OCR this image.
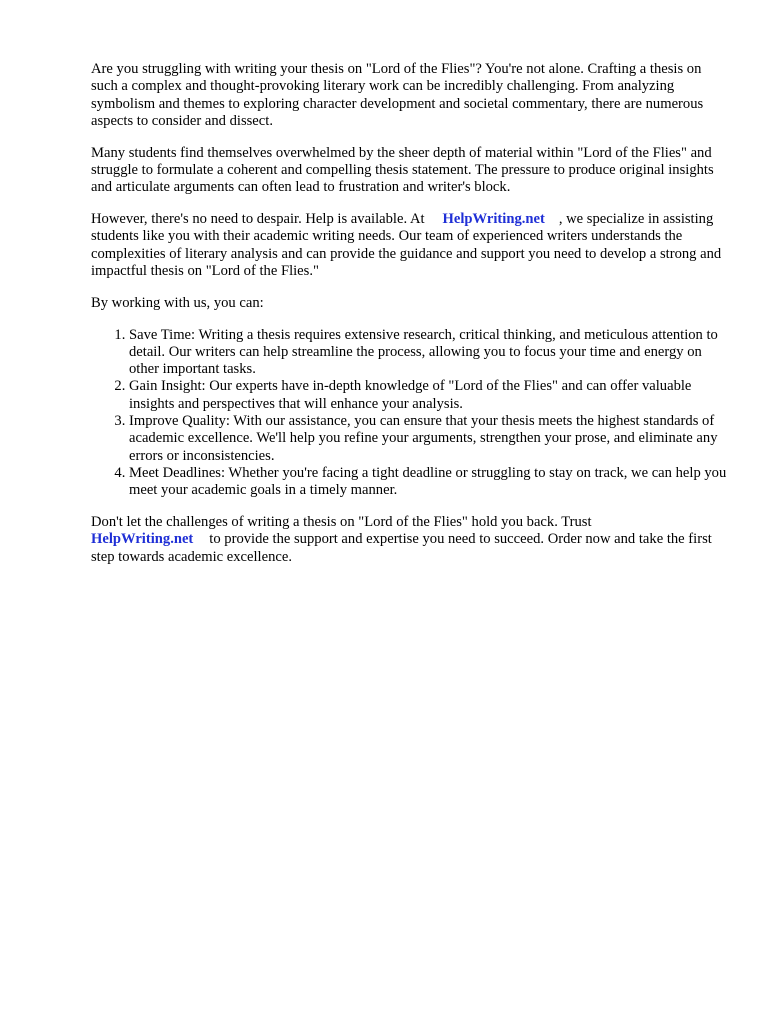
Are you struggling with writing your thesis on "Lord of the Flies"? You're not alone. Crafting a thesis on such a complex and thought-provoking literary work can be incredibly challenging. From analyzing symbolism and themes to exploring character development and societal commentary, there are numerous aspects to consider and dissect.

Many students find themselves overwhelmed by the sheer depth of material within "Lord of the Flies" and struggle to formulate a coherent and compelling thesis statement. The pressure to produce original insights and articulate arguments can often lead to frustration and writer's block.

However, there's no need to despair. Help is available. At HelpWriting.net , we specialize in assisting students like you with their academic writing needs. Our team of experienced writers understands the complexities of literary analysis and can provide the guidance and support you need to develop a strong and impactful thesis on "Lord of the Flies."

By working with us, you can:

1. Save Time: Writing a thesis requires extensive research, critical thinking, and meticulous attention to detail. Our writers can help streamline the process, allowing you to focus your time and energy on other important tasks.
2. Gain Insight: Our experts have in-depth knowledge of "Lord of the Flies" and can offer valuable insights and perspectives that will enhance your analysis.
3. Improve Quality: With our assistance, you can ensure that your thesis meets the highest standards of academic excellence. We'll help you refine your arguments, strengthen your prose, and eliminate any errors or inconsistencies.
4. Meet Deadlines: Whether you're facing a tight deadline or struggling to stay on track, we can help you meet your academic goals in a timely manner.

Don't let the challenges of writing a thesis on "Lord of the Flies" hold you back. Trust
HelpWriting.net to provide the support and expertise you need to succeed. Order now and take the first step towards academic excellence.
